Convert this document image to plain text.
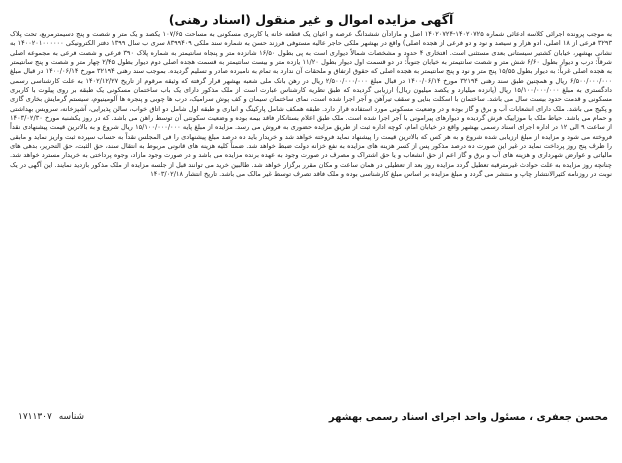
آگهی مزایده اموال و غیر منقول (اسناد رهنی)
به موجب پرونده اجرائی کلاسه ادعائی شماره ۱۴۰۲۰۷۲۵-۱۴۰۲۰۷۲۴ اصل و مازادآن ششدانگ عرصه و اعیان یک قطعه خانه یا کاربری مسکونی به مساحت ۱۰۷/۶۵ یکصد و یک متر و شصت و پنج دسیمترمربع، تحت پلاک ۳۲۹۳ فرعی از ۱۸ اصلی، ادو هزار و سیصد و نود و دو فرعی از هجده اصلی) واقع در بهشهر ملکی حاجر عالیه مستوفی فرزند حسن به شماره سند ملکی ۸۳۹۹۴۰۹ سری ب سال ۱۳۹۹ دفتر الکترونیکی ۱۴۰۰۲۰۱۰۰۰۰۰۰ به نشانی بهشهر، خیابان کشتیر سیستانی بعدی مستثنی است. افتخاری ۴ حدود و مشخصات شمالاً دیواری است به پی بطول ۱۶/۵۰ شانزده متر و پنجاه سانتیمتر به شماره پلاک ۳۹۰ فرعی و شصت فرعی به مجموعه اصلی شرقاً: درب و دیوار بطول ۶/۶۰ شش متر و شصت سانتیمتر به خیابان جنوباً: در دو قسمت اول دیوار بطول ۱۱/۲۰ یازده متر و بیست سانتیمتر به قسمت هجده اصلی دوم دیوار بطول ۲/۴۵ چهار متر و شصت و پنج سانتیمتر به هجده اصلی غرباً: به دیوار بطول ۱۵/۵۵ پنج متر و نود و پنج سانتیمتر به هجده اصلی که حقوق ارتفاق و ملحقات آن ندارد به تمام به نامبرده صادر و تسلیم گردیده. بموجب سند رهنی ۳۲۱۹۴ مورخ ۱۴۰۰/۰۶/۱۴ در قبال مبلغ ۶/۵۰۰/۰۰۰/۰۰۰ ریال و همچنین طبق سند رهنی ۳۲۱۹۴ مورخ ۱۴۰۰/۰۶/۱۴ در قبال مبلغ ۲/۵۰۰/۰۰۰/۰۰۰ ریال در رهن بانک ملی شعبه بهشهر قرار گرفته که وثیقه مرقوم از تاریخ ۱۴۰۲/۱۲/۲۷ به علت کارشناسی رسمی دادگستری به مبلغ ۱۵/۱۰۰/۰۰۰/۰۰۰ ریال (پانزده میلیارد و یکصد میلیون ریال) ارزیابی گردیده که طبق نظریه کارشناس عبارت است از ملک مذکور دارای یک باب ساختمان مسکونی یک طبقه بر روی پیلوت با کاربری مسکونی و قدمت حدود بیست سال می باشد. ساختمان با اسکلت بنایی و سقف تیرآهن و آجر اجرا شده است، نمای ساختمان سیمان و کف پوش سرامیک، درب ها چوبی و پنجره ها آلومینیوم، سیستم گرمایش بخاری گازی و پکیج می باشد. ملک دارای انشعابات آب و برق و گاز بوده و در وضعیت مسکونی مورد استفاده قرار دارد. طبقه همکف شامل پارکینگ و انباری و طبقه اول شامل دو اتاق خواب، سالن پذیرایی، آشپزخانه، سرویس بهداشتی و حمام می باشد. حیاط ملک با موزاییک فرش گردیده و دیوارهای پیرامونی با آجر اجرا شده است. ملک طبق اعلام بستانکار فاقد بیمه بوده و وضعیت سکونتی آن توسط راهن می باشد. که در روز یکشنبه مورخ ۱۴۰۳/۰۲/۳۰ از ساعت ۹ الی ۱۲ در اداره اجرای اسناد رسمی بهشهر واقع در خیابان امام، کوچه اداره ثبت از طریق مزایده حضوری به فروش می رسد. مزایده از مبلغ پایه ۱۵/۱۰۰/۰۰۰/۰۰۰ ریال شروع و به بالاترین قیمت پیشنهادی نقداً فروخته می شود و مزایده از مبلغ ارزیابی شده شروع و به هر کس که بالاترین قیمت را پیشنهاد نماید فروخته خواهد شد و خریدار باید ده درصد مبلغ پیشنهادی را فی المجلس نقداً به حساب سپرده ثبت واریز نماید و مابقی را ظرف پنج روز پرداخت نماید در غیر این صورت ده درصد مذکور پس از کسر هزینه های مزایده به نفع خزانه دولت ضبط خواهد شد. ضمناً کلیه هزینه های قانونی مربوط به انتقال سند، حق الثبت، حق التحریر، بدهی های مالیاتی و عوارض شهرداری و هزینه های آب و برق و گاز اعم از حق انشعاب و یا حق اشتراک و مصرف در صورت وجود به عهده برنده مزایده می باشد و در صورت وجود مازاد، وجوه پرداختی به خریدار مسترد خواهد شد. چنانچه روز مزایده به علت حوادث غیرمترقبه تعطیل گردد مزایده روز بعد از تعطیلی در همان ساعت و مکان مقرر برگزار خواهد شد. طالبین خرید می توانند قبل از جلسه مزایده از ملک مذکور بازدید نمایند. این آگهی در یک نوبت در روزنامه کثیرالانتشار چاپ و منتشر می گردد و مبلغ مزایده بر اساس مبلغ کارشناسی بوده و ملک فاقد تصرف توسط غیر مالک می باشد. تاریخ انتشار ۱۴۰۳/۰۲/۱۸
محسن جعفری ، مسئول واحد اجرای اسناد رسمی بهشهر
شناسه ۱۷۱۱۳۰۷
